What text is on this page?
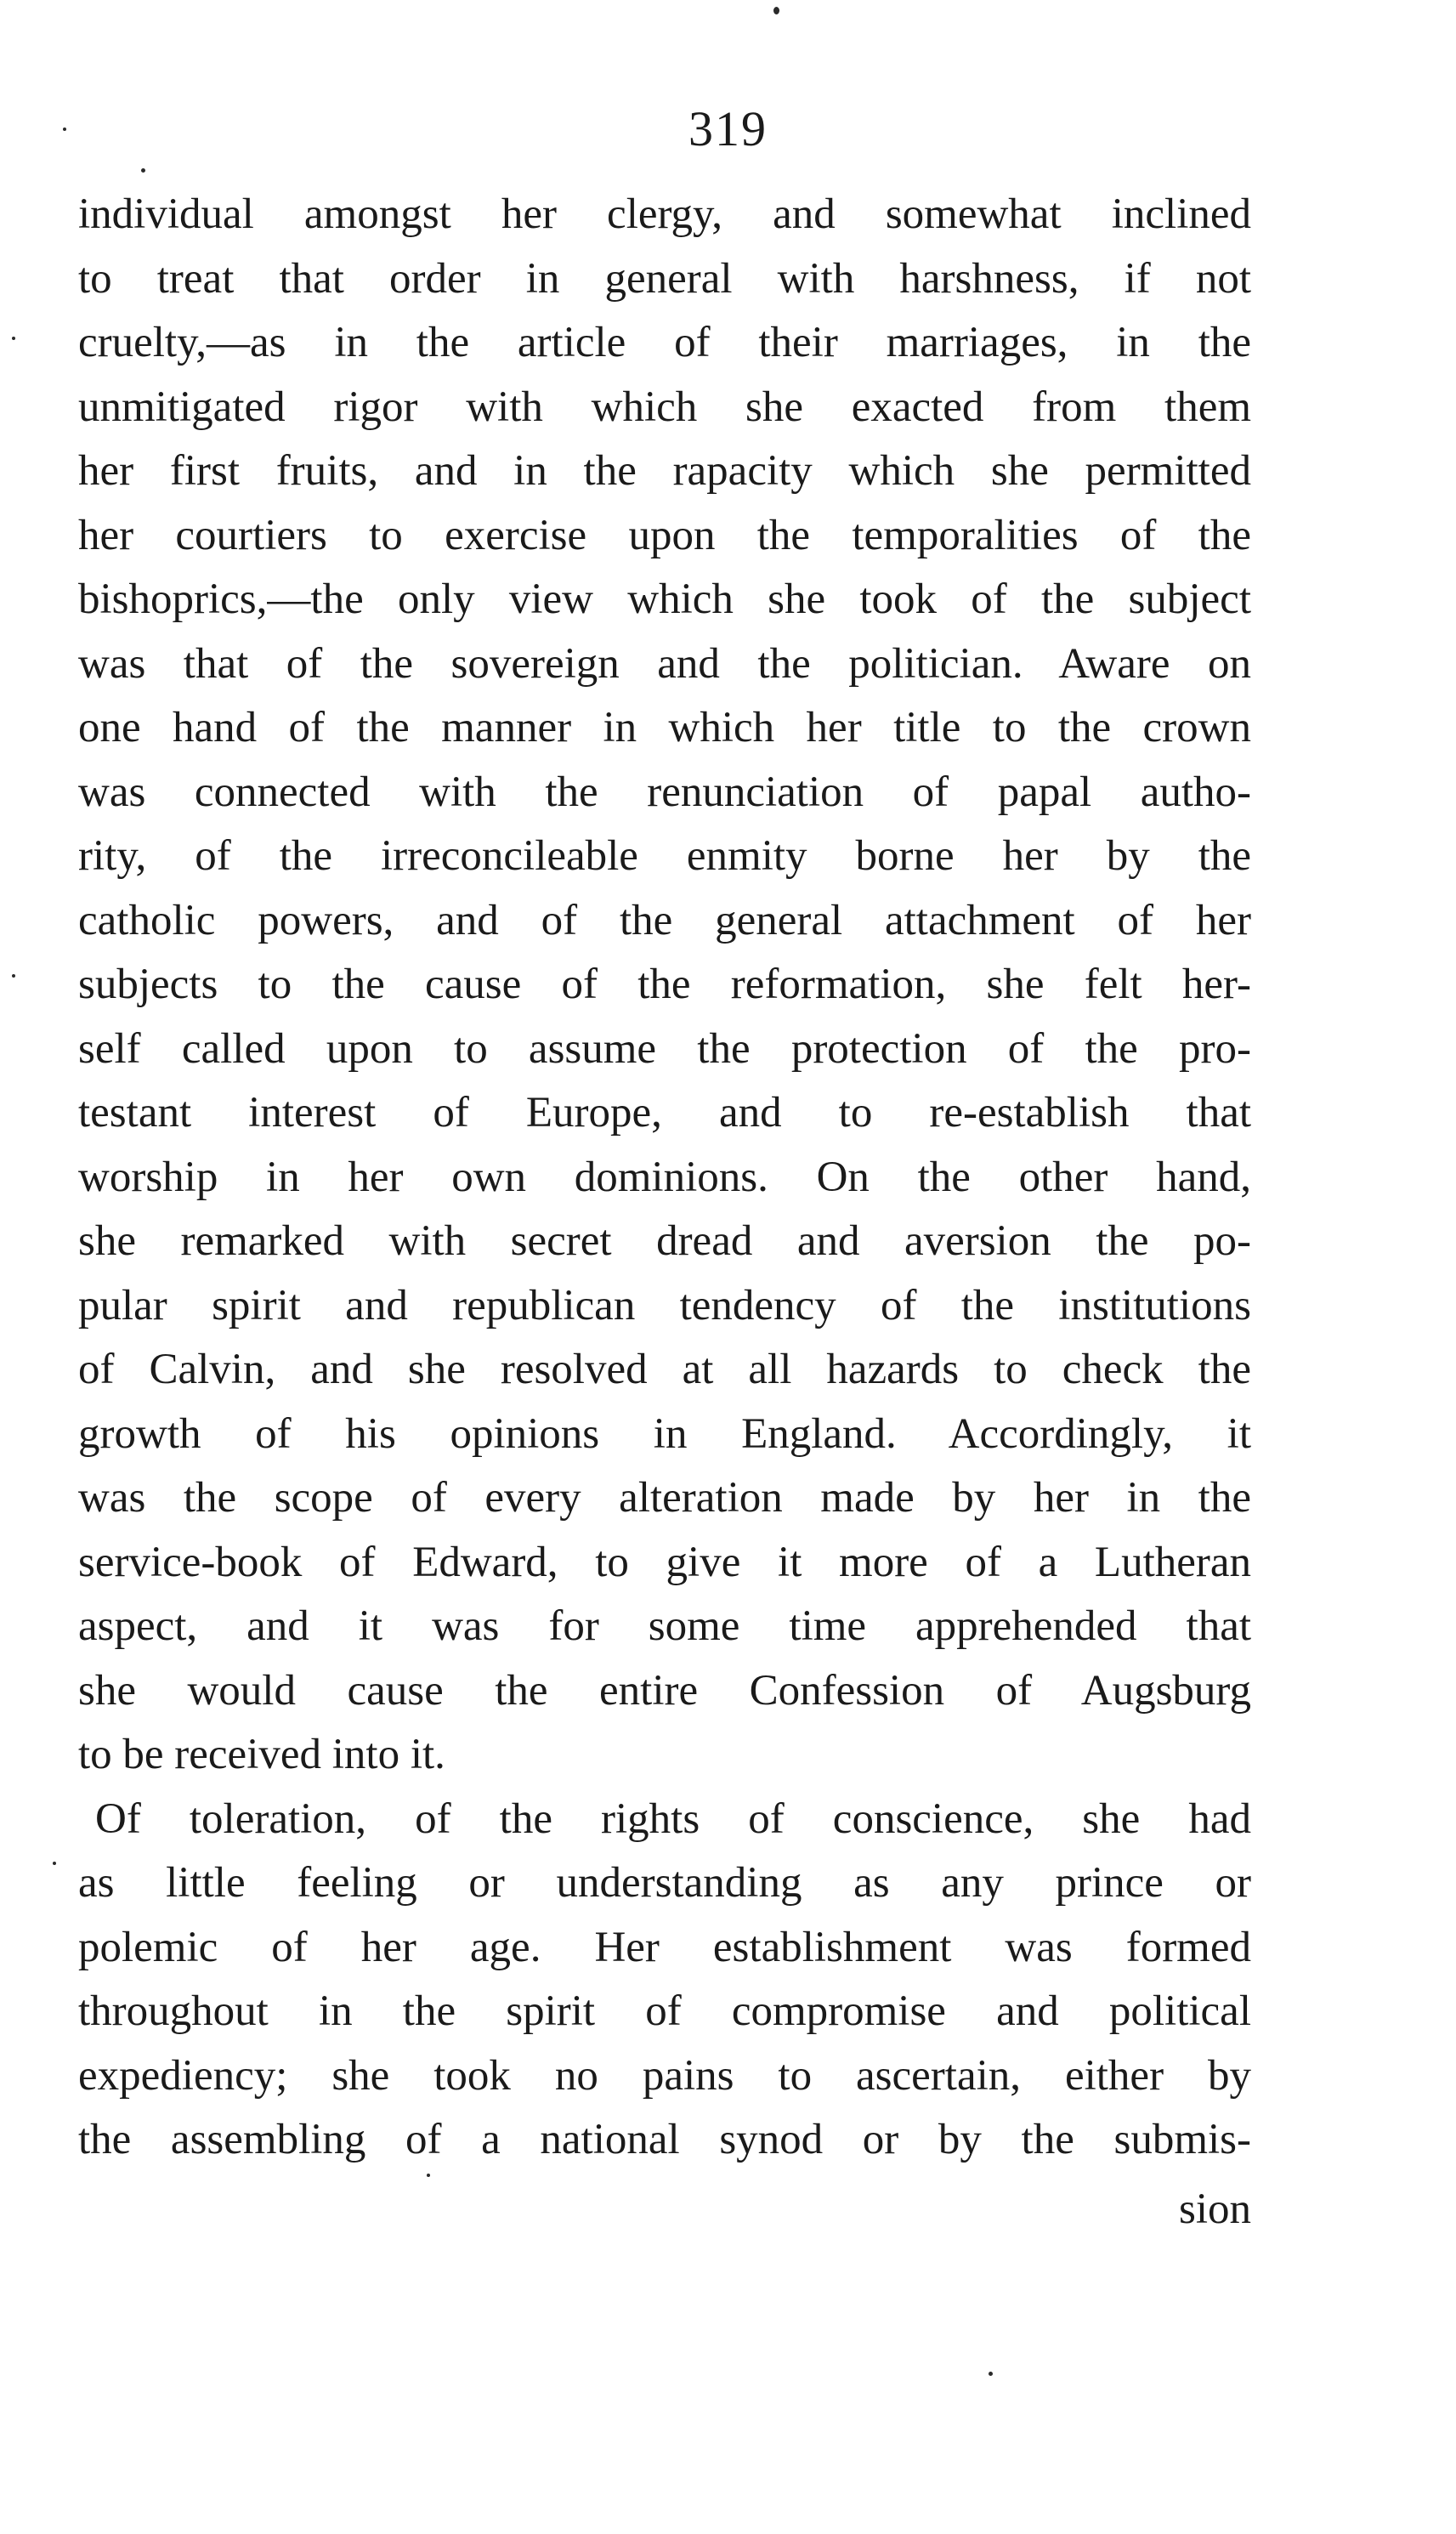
319
individual amongst her clergy, and somewhat inclined
to treat that order in general with harshness, if not
cruelty,—as in the article of their marriages, in the
unmitigated rigor with which she exacted from them
her first fruits, and in the rapacity which she permitted
her courtiers to exercise upon the temporalities of the
bishoprics,—the only view which she took of the subject
was that of the sovereign and the politician. Aware on
one hand of the manner in which her title to the crown
was connected with the renunciation of papal autho-
rity, of the irreconcileable enmity borne her by the
catholic powers, and of the general attachment of her
subjects to the cause of the reformation, she felt her-
self called upon to assume the protection of the pro-
testant interest of Europe, and to re-establish that
worship in her own dominions. On the other hand,
she remarked with secret dread and aversion the po-
pular spirit and republican tendency of the institutions
of Calvin, and she resolved at all hazards to check the
growth of his opinions in England. Accordingly, it
was the scope of every alteration made by her in the
service-book of Edward, to give it more of a Lutheran
aspect, and it was for some time apprehended that
she would cause the entire Confession of Augsburg
to be received into it.
Of toleration, of the rights of conscience, she had
as little feeling or understanding as any prince or
polemic of her age. Her establishment was formed
throughout in the spirit of compromise and political
expediency; she took no pains to ascertain, either by
the assembling of a national synod or by the submis-
sion
